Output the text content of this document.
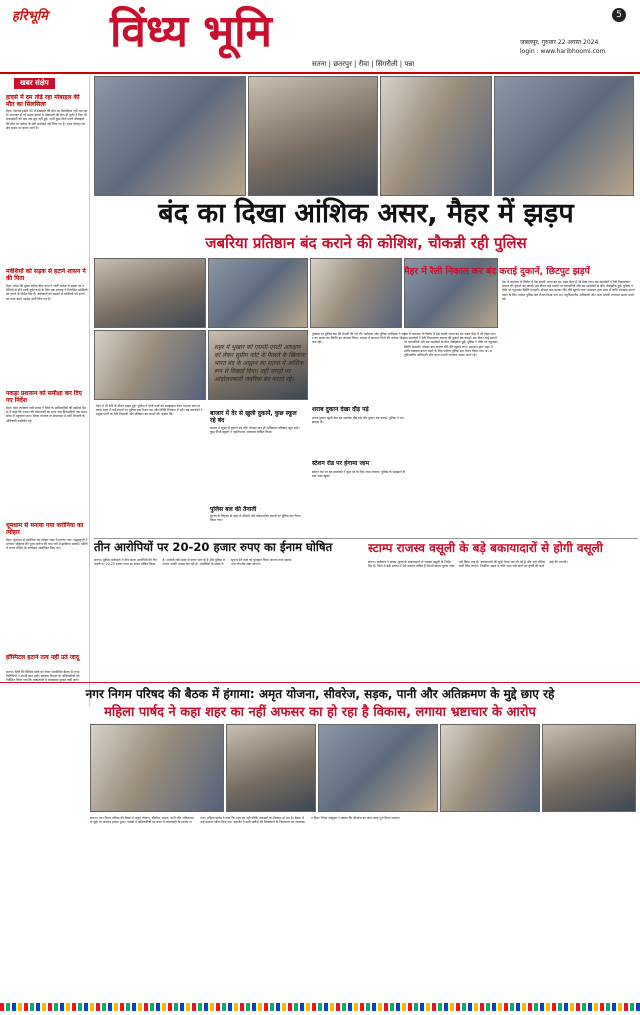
हरिभूमि विंध्य भूमि
सतना | छतरपुर | रीवा | सिंगरौली | पन्ना
जबलपुर, गुरुवार 22 अगस्त 2024
login : www.haribhoomi.com
5
खबर संक्षेप
हादसे में दम तोड़े रहा मोबाइल की मौत का सिलसिला
मैहर। नेशनल हाईवे 30 में मोबाइल की मौत का सिलसिला नहीं थम रहा है। लगातार हो रहे सड़क हादसे में मोबाइलों की मौत हो चुकी है फिर भी जवाबदारी को अब तक सुध नहीं हुई। अभी कुछ दिनों पहले मोबाइलों की मौत पर कर्तव्य के प्रति कार्रवाई नहीं किए गए हैं। थाना चौराहा का क्षेत्र सड़क पर बताए जाते हैं।
मवेशियों को सड़क से हटाने शासन ने की पिता
मैहर। प्रदेश की मुख्य सचिव वीरा राणा ने जारी आदेश में सड़क पर मवेशियों से होने वाली दुर्घटनाओं के लिए एक सप्ताह में निराश्रित मवेशियों को हटाने के निर्देश दिए हैं। कलेक्टरों को सड़कों से मवेशियों को हटाने का काम करने आदेश जारी किए गए हैं।
पकड़ा प्रशासन को समीक्षा कर दिए गए निर्देश
मैहर। मेहर कलेक्टर रानी बाटड ने जिले के अधिकारियों की समीक्षा बैठक में कहा कि शासन की योजनाओं का लाभ पात्र हितग्राहियों तक समय सीमा में पहुंचाया जाए। जिला पंचायत के सभाकक्ष में सभी विभागों के अधिकारी उपस्थित रहे।
धूमधाम से मनाया गया करोनिया का त्योहार
मैहर। धूमधाम से करोनिया का त्योहार शहर में मनाया गया। श्रद्धालुओं ने भगवान श्रीकृष्ण की पूजा अर्चना की तथा घरों में झांकियां सजाई। मंदिरों में भजन कीर्तन के कार्यक्रम आयोजित किए गए।
हॉस्पिटल हटाने तत्व नहीं उठे जादू
सतना। जिले की विभिन्न मांगों को लेकर आयोजित बैठक में जनप्रतिनिधियों ने अपनी बात रखी। स्वास्थ्य विभाग के अधिकारियों को निर्देशित किया गया कि अस्पतालों में व्यवस्थाएं दुरुस्त रखी जाएं।
बंद का दिखा आंशिक असर, मैहर में झड़प
जबरिया प्रतिष्ठान बंद कराने की कोशिश, चौकन्नी रही पुलिस
शहर में भुखार को एससी-एसटी आरक्षण को लेकर सुप्रीम कोर्ट के फैसले के खिलाफ भारत बंद के आह्वान का सतना में आंशिक रूप से दिखाई दिया। वहीं जगहों पर आंदोलनकारी जबरिया बंद कराते रहे।
मैहर में भी रैली के दौरान झड़प हुई। पुलिस ने दोनों पक्षों को समझाइश देकर मामला शांत कराया। शहर में कई स्थानों पर पुलिस बल तैनात रहा और स्थिति नियंत्रण में रही। बंद समर्थकों ने प्रमुख मार्गों पर रैली निकाली और प्रतिष्ठान बंद कराने की अपील की।	बाजार में देर से खुली दुकानें, कुछ स्कूल रहे बंद
बाजार में सुबह से दुकानें बंद रहीं। दोपहर बाद ही अधिकांश प्रतिष्ठान खुल सके। कुछ निजी स्कूलों ने एहतियातन अवकाश घोषित किया।
पुलिस बल की तैनाती
सुरक्षा के लिहाज से शहर में चौराहों और संवेदनशील स्थानों पर पुलिस बल तैनात किया गया।
नुक्कड़ पर पुलिस बल की तैनाती की गई थी। कलेक्टर और पुलिस अधीक्षक ने शहर का भ्रमण कर स्थिति का जायजा लिया। बाजार में सामान्य दिनों की अपेक्षा भीड़ कम रही।
शराब दुकान देखा दौड़ पड़े
शराब दुकान खुली देख बंद समर्थक दौड़ पड़े और दुकान बंद कराई। पुलिस ने समझाइश दी।
स्टेशन रोड पर हंगामा जाम
स्टेशन रोड पर बंद समर्थकों ने कुछ देर के लिए जाम लगाया। पुलिस के समझाने के बाद जाम खुला।
मैहर में रैली निकाल कर बंद कराई दुकानें, छिटपुट झड़पें
देश में आरक्षण के विरोध में देश व्यापी भारत बंद का असर मैहर में भी देखा गया। बंद समर्थकों ने रैली निकालकर बाजार की दुकानें बंद कराईं। इस दौरान कई स्थानों पर व्यापारियों और बंद समर्थकों के बीच नोकझोंक हुई। पुलिस ने मौके पर पहुंचकर स्थिति संभाली। दोपहर बाद बाजार धीरे-धीरे खुलने लगा। प्रशासन द्वारा शहर में शांति व्यवस्था बनाए रखने के लिए पर्याप्त पुलिस बल तैनात किया गया था। अनुविभागीय अधिकारी और थाना प्रभारी लगातार भ्रमण करते रहे।
देश में आरक्षण के विरोध में देश व्यापी भारत बंद का असर मैहर में भी देखा गया। बंद समर्थकों ने रैली निकालकर बाजार की दुकानें बंद कराईं। इस दौरान कई स्थानों पर व्यापारियों और बंद समर्थकों के बीच नोकझोंक हुई। पुलिस ने मौके पर पहुंचकर स्थिति संभाली। दोपहर बाद बाजार धीरे-धीरे खुलने लगा। प्रशासन द्वारा शहर में शांति व्यवस्था बनाए रखने के लिए पर्याप्त पुलिस बल तैनात किया गया था। अनुविभागीय अधिकारी और थाना प्रभारी लगातार भ्रमण करते रहे।
तीन आरोपियों पर 20-20 हजार रुपए का ईनाम घोषित
सतना। पुलिस अधीक्षक ने तीन फरार आरोपियों की गिरफ्तारी पर 20-20 हजार रुपए का ईनाम घोषित किया है। आरोपी लंबे समय से फरार चल रहे हैं और पुलिस लगातार उनकी तलाश कर रही है। आरोपियों के संबंध में सूचना देने वाले को पुरस्कृत किया जाएगा तथा उसका नाम गोपनीय रखा जाएगा।
स्टाम्प राजस्व वसूली के बड़े बकायादारों से होगी वसूली
सतना। कलेक्टर ने स्टाम्प शुल्क के बकायादारों से राजस्व वसूली के निर्देश दिए हैं। जिले में बड़ी संख्या में ऐसे प्रकरण लंबित हैं जिनमें स्टाम्प शुल्क जमा नहीं किया गया है। बकायादारों की सूची तैयार कर ली गई है और उन्हें नोटिस जारी किए जाएंगे। निर्धारित समय में राशि जमा नहीं करने पर कुर्की की कार्रवाई की जाएगी।
नगर निगम परिषद की बैठक में हंगामा: अमृत योजना, सीवरेज, सड़क, पानी और अतिक्रमण के मुद्दे छाए रहे
महिला पार्षद ने कहा शहर का नहीं अफसर का हो रहा है विकास, लगाया भ्रष्टाचार के आरोप
सतना। नगर निगम परिषद की बैठक में अमृत योजना, सीवरेज, सड़क, पानी और अतिक्रमण के मुद्दों पर जमकर हंगामा हुआ। पार्षदों ने अधिकारियों पर काम में लापरवाही के आरोप लगाए। महिला पार्षद ने कहा कि शहर का नहीं बल्कि अफसरों का विकास हो रहा है। बैठक में कई प्रस्ताव पारित किए गए। महापौर ने सभी पार्षदों की शिकायतों के निराकरण का आश्वासन दिया। निगम आयुक्त ने बताया कि सीवरेज का काम जल्द पूरा किया जाएगा।
